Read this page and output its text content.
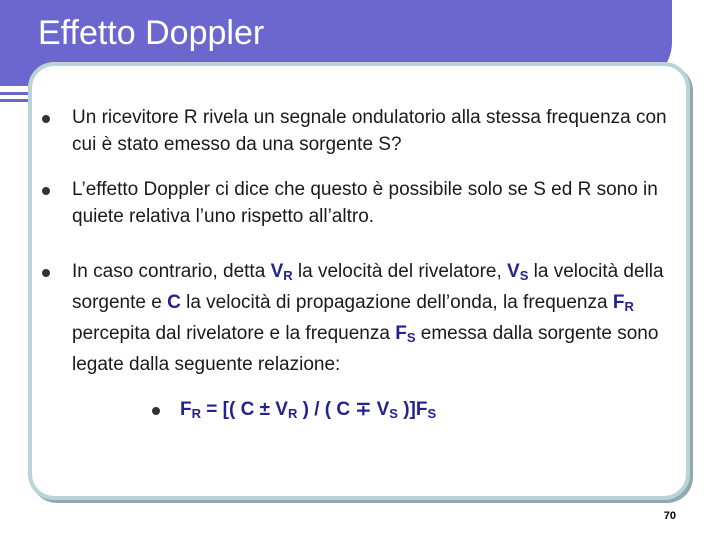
Effetto Doppler
Un ricevitore R rivela un segnale ondulatorio alla stessa frequenza con cui è stato emesso da una sorgente S?
L’effetto Doppler ci dice che questo è possibile solo se S ed R sono in quiete relativa l’uno rispetto all’altro.
In caso contrario, detta $V_R$ la velocità del rivelatore, $V_S$ la velocità della sorgente e C la velocità di propagazione dell’onda, la frequenza $F_R$ percepita dal rivelatore e la frequenza $F_S$ emessa dalla sorgente sono legate dalla seguente relazione:
$F_R$ = [( $C \pm V_R$ ) / ( $C \mp V_S$ )]$F_S$
70
